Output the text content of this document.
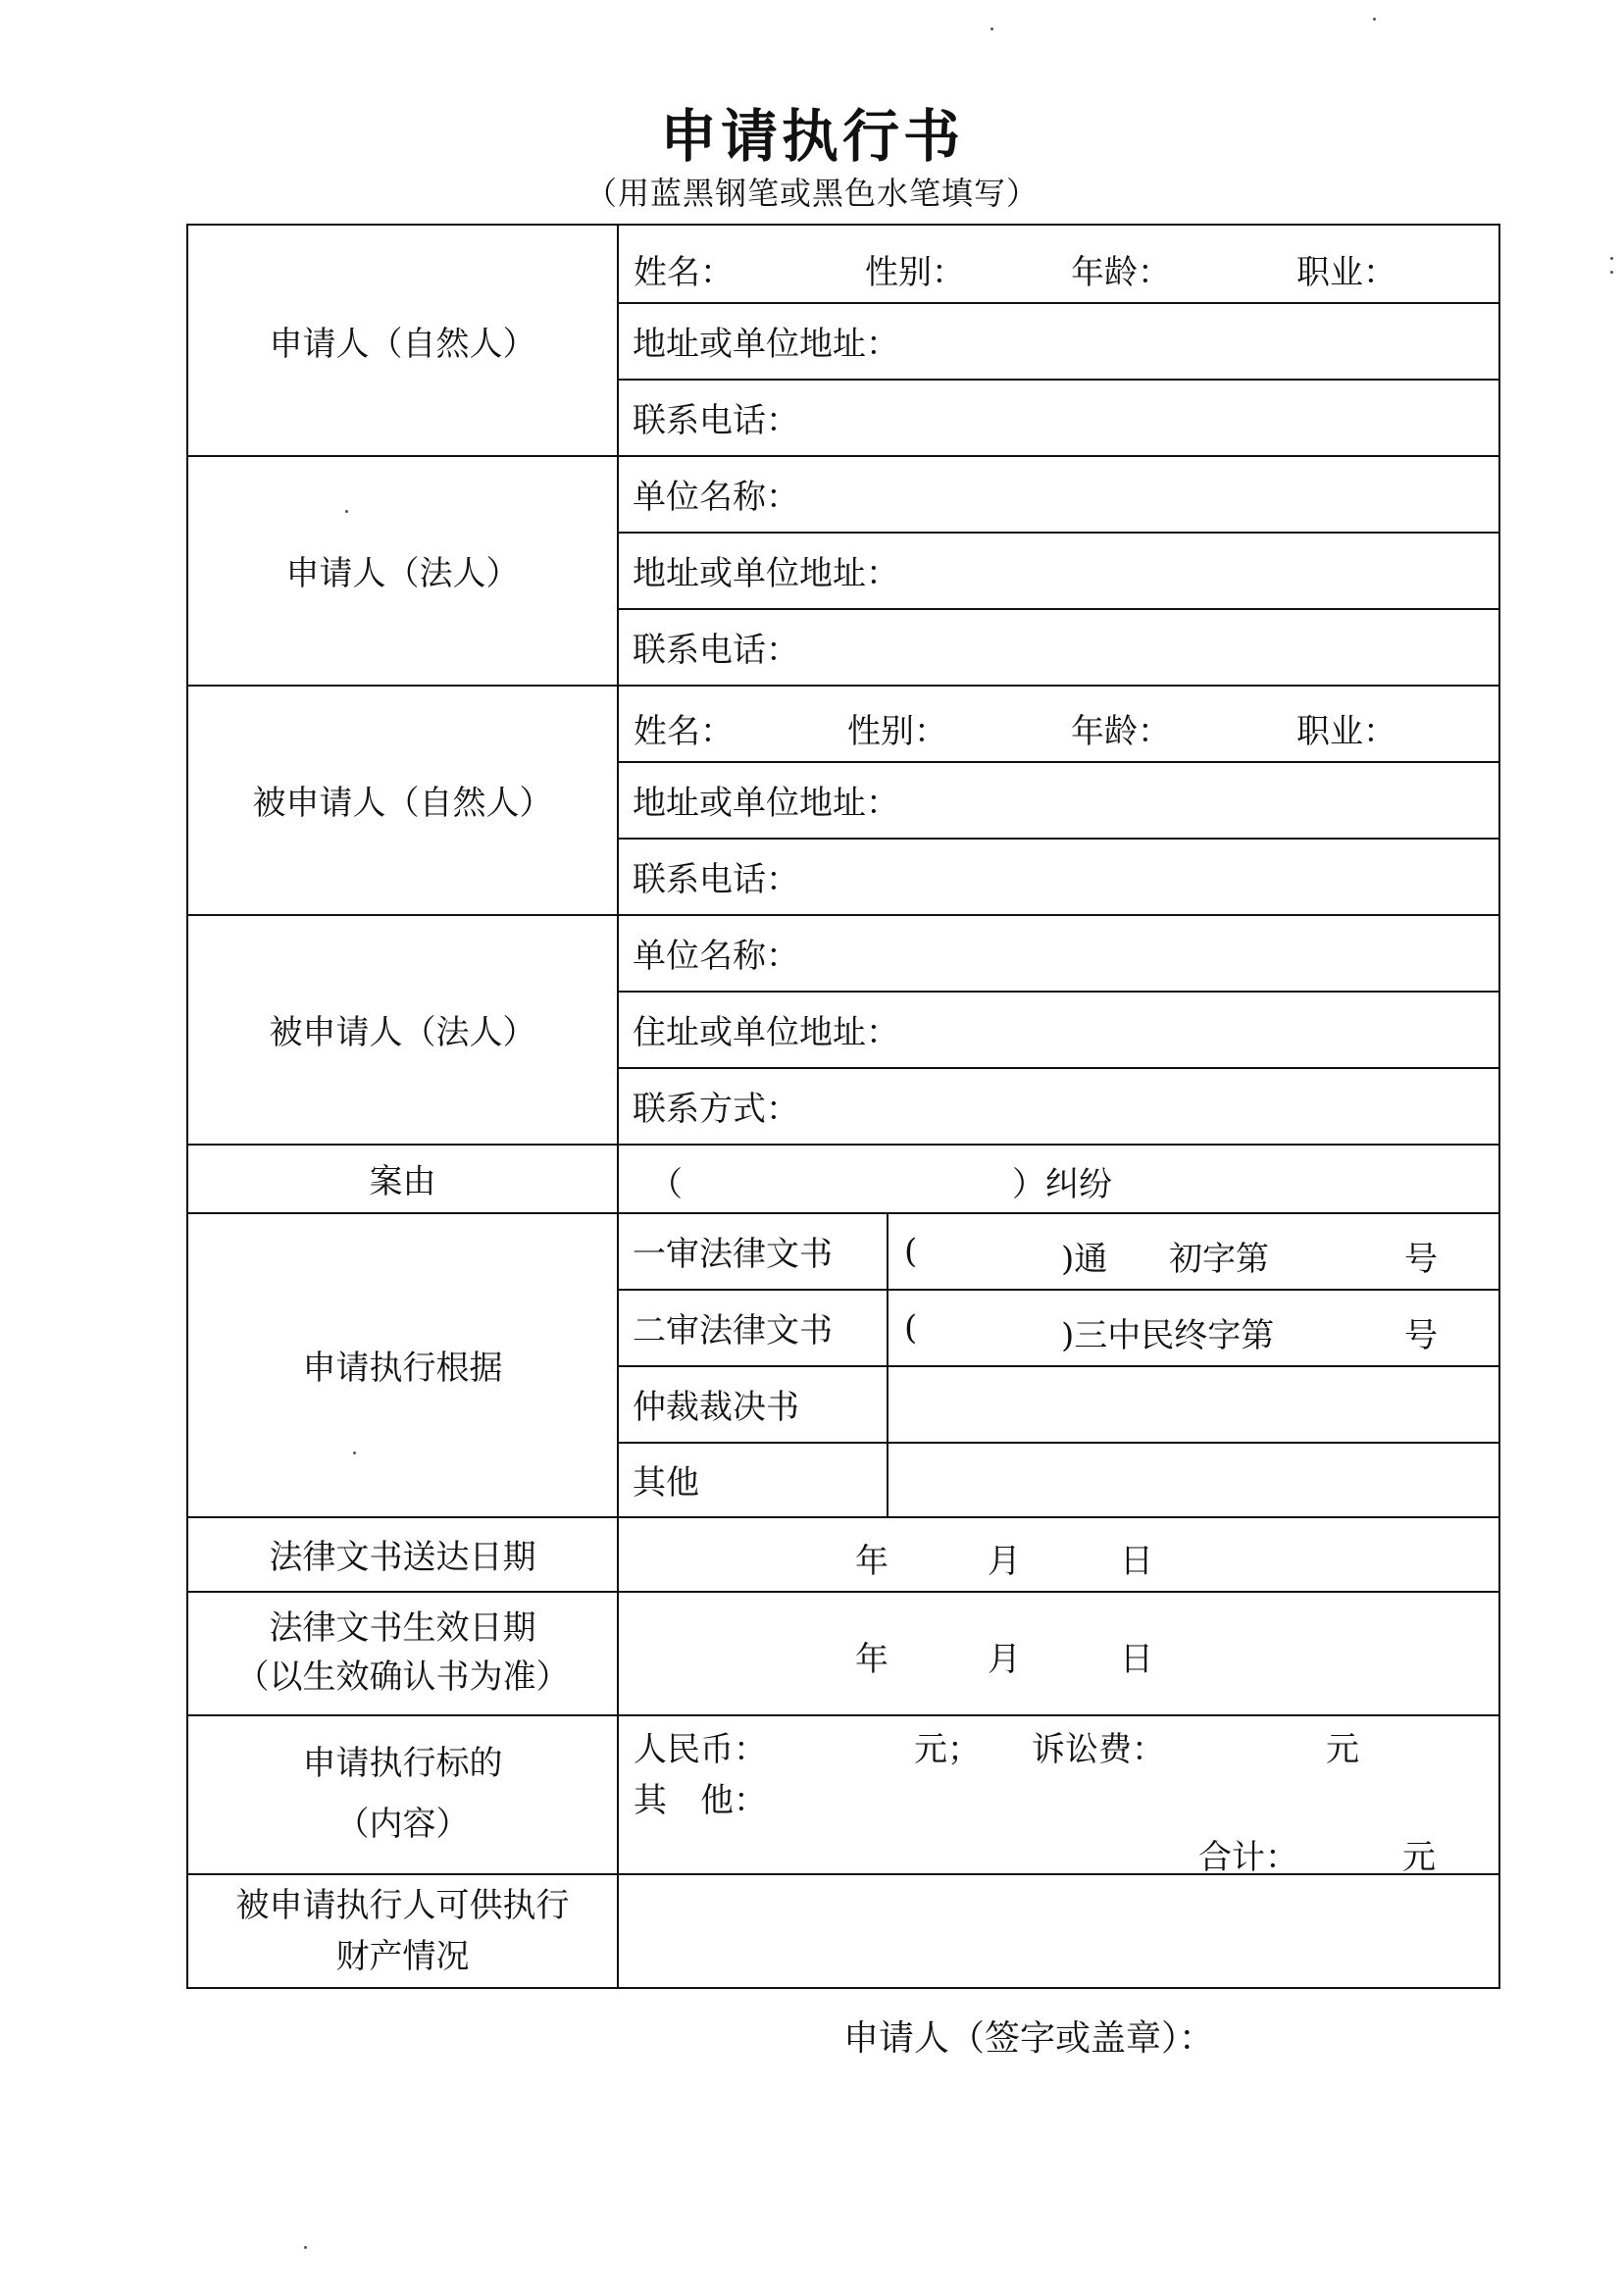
申请执行书
（用蓝黑钢笔或黑色水笔填写）
申请人（自然人）
姓名：	性别：	年龄：	职业：
地址或单位地址：
联系电话：
申请人（法人）
单位名称：
地址或单位地址：
联系电话：
被申请人（自然人）
姓名：	性别：	年龄：	职业：
地址或单位地址：
联系电话：
被申请人（法人）
单位名称：
住址或单位地址：
联系方式：
案由	（	）纠纷
申请执行根据
一审法律文书	(	)通 初字第	号
二审法律文书	(	)三中民终字第	号
仲裁裁决书
其他
法律文书送达日期	年	月	日
法律文书生效日期
（以生效确认书为准）	年	月	日
申请执行标的
（内容）
人民币：	元； 诉讼费：	元
其　他：
合计：	元
被申请执行人可供执行
财产情况
申请人（签字或盖章）：
